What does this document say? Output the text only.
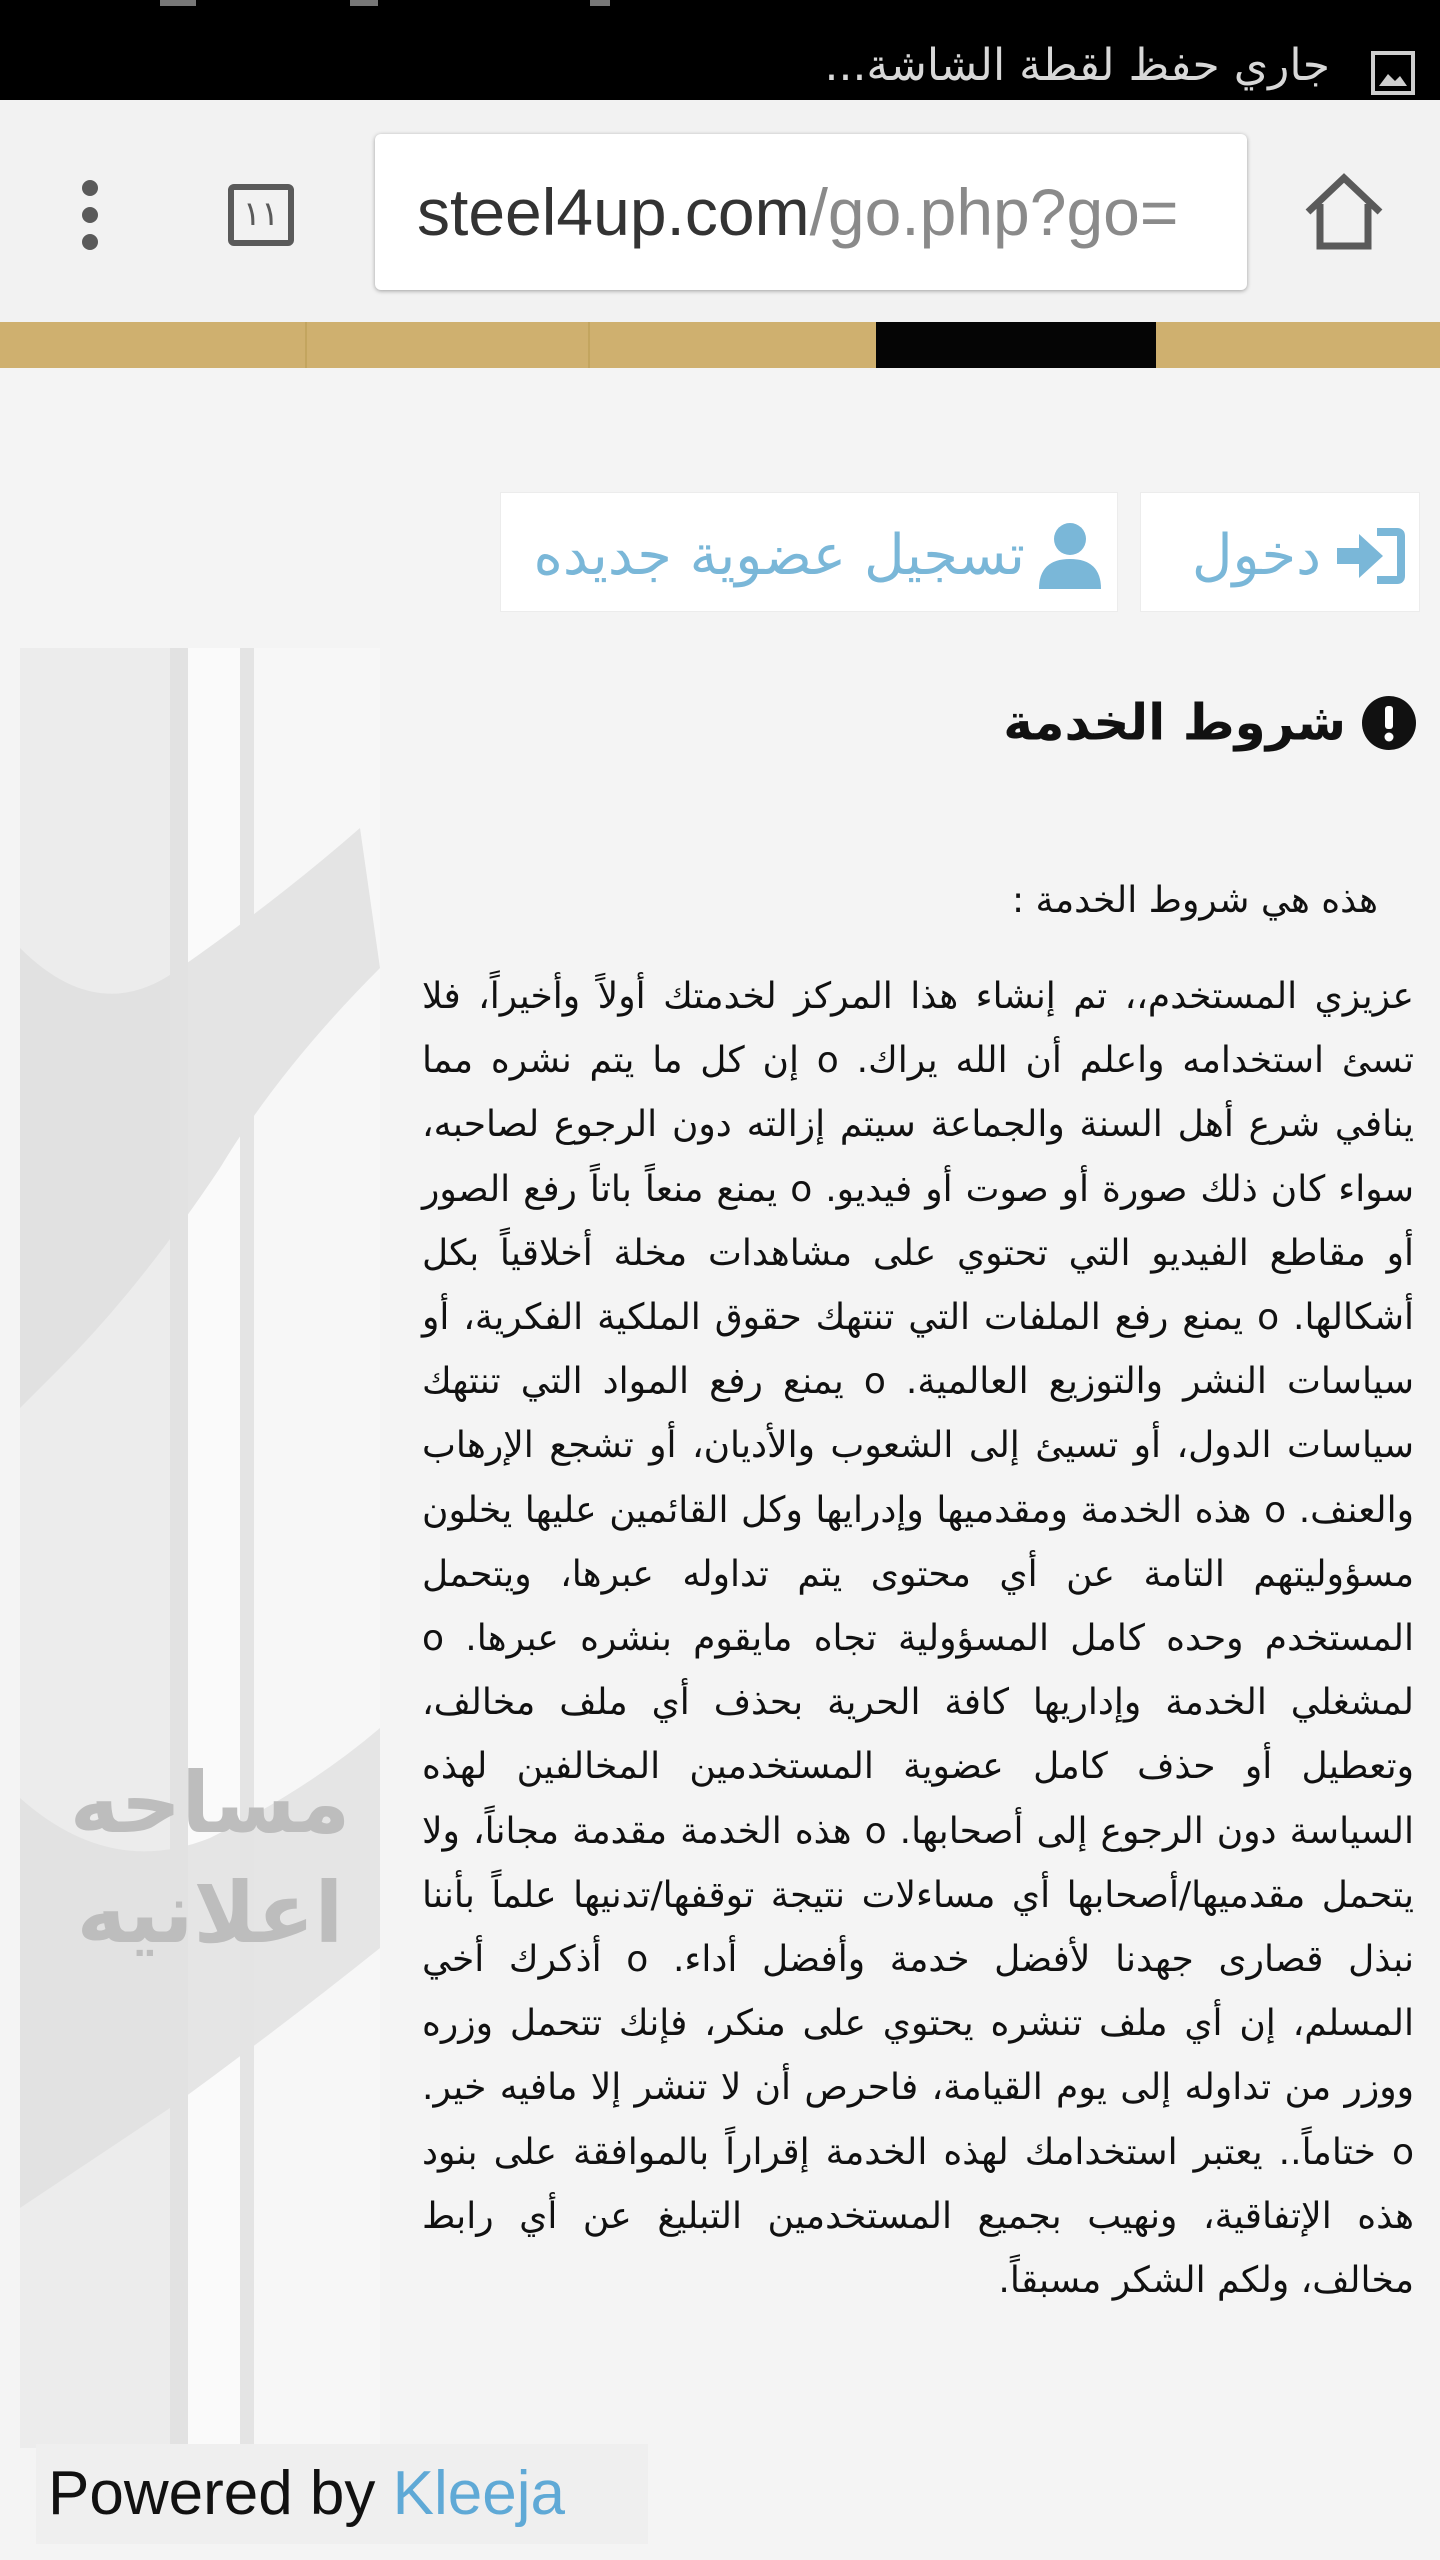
جاري حفظ لقطة الشاشة...
١١ steel4up.com/go.php?go=
دخول
تسجيل عضوية جديده
مساحه اعلانيه
شروط الخدمة
هذه هي شروط الخدمة :
عزيزي المستخدم،، تم إنشاء هذا المركز لخدمتك أولاً وأخيراً، فلا تسئ استخدامه واعلم أن الله يراك. o إن كل ما يتم نشره مما ينافي شرع أهل السنة والجماعة سيتم إزالته دون الرجوع لصاحبه، سواء كان ذلك صورة أو صوت أو فيديو. o يمنع منعاً باتاً رفع الصور أو مقاطع الفيديو التي تحتوي على مشاهدات مخلة أخلاقياً بكل أشكالها. o يمنع رفع الملفات التي تنتهك حقوق الملكية الفكرية، أو سياسات النشر والتوزيع العالمية. o يمنع رفع المواد التي تنتهك سياسات الدول، أو تسيئ إلى الشعوب والأديان، أو تشجع الإرهاب والعنف. o هذه الخدمة ومقدميها وإدرايها وكل القائمين عليها يخلون مسؤوليتهم التامة عن أي محتوى يتم تداوله عبرها، ويتحمل المستخدم وحده كامل المسؤولية تجاه مايقوم بنشره عبرها. o لمشغلي الخدمة وإداريها كافة الحرية بحذف أي ملف مخالف، وتعطيل أو حذف كامل عضوية المستخدمين المخالفين لهذه السياسة دون الرجوع إلى أصحابها. o هذه الخدمة مقدمة مجاناً، ولا يتحمل مقدميها/أصحابها أي مساءلات نتيجة توقفها/تدنيها علماً بأننا نبذل قصارى جهدنا لأفضل خدمة وأفضل أداء. o أذكرك أخي المسلم، إن أي ملف تنشره يحتوي على منكر، فإنك تتحمل وزره ووزر من تداوله إلى يوم القيامة، فاحرص أن لا تنشر إلا مافيه خير. o ختاماً.. يعتبر استخدامك لهذه الخدمة إقراراً بالموافقة على بنود هذه الإتفاقية، ونهيب بجميع المستخدمين التبليغ عن أي رابط مخالف، ولكم الشكر مسبقاً.
Powered by Kleeja
